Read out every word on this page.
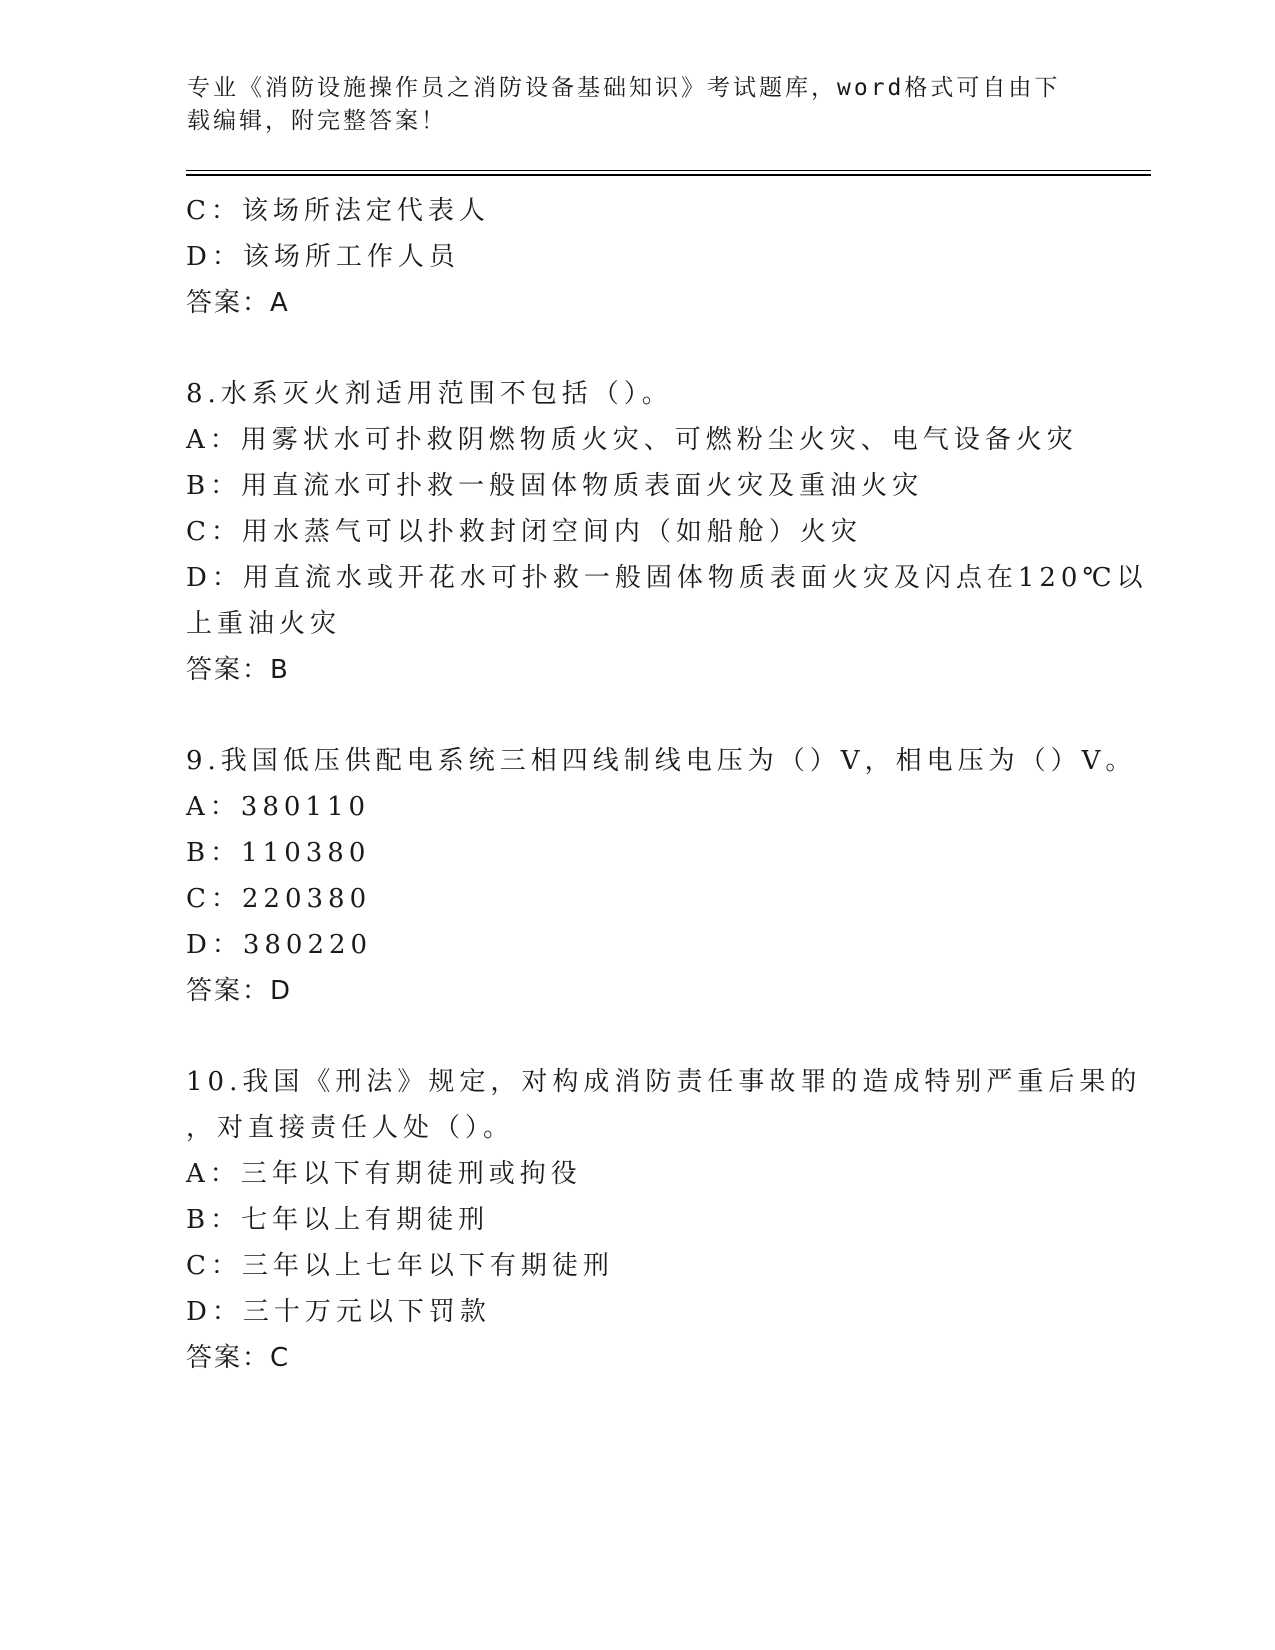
专业《消防设施操作员之消防设备基础知识》考试题库，word格式可自由下载编辑，附完整答案！
C：该场所法定代表人
D：该场所工作人员
答案：A
8.水系灭火剂适用范围不包括（）。
A：用雾状水可扑救阴燃物质火灾、可燃粉尘火灾、电气设备火灾
B：用直流水可扑救一般固体物质表面火灾及重油火灾
C：用水蒸气可以扑救封闭空间内（如船舱）火灾
D：用直流水或开花水可扑救一般固体物质表面火灾及闪点在120℃以
上重油火灾
答案：B
9.我国低压供配电系统三相四线制线电压为（）V，相电压为（）V。
A：380110
B：110380
C：220380
D：380220
答案：D
10.我国《刑法》规定，对构成消防责任事故罪的造成特别严重后果的
，对直接责任人处（）。
A：三年以下有期徒刑或拘役
B：七年以上有期徒刑
C：三年以上七年以下有期徒刑
D：三十万元以下罚款
答案：C
